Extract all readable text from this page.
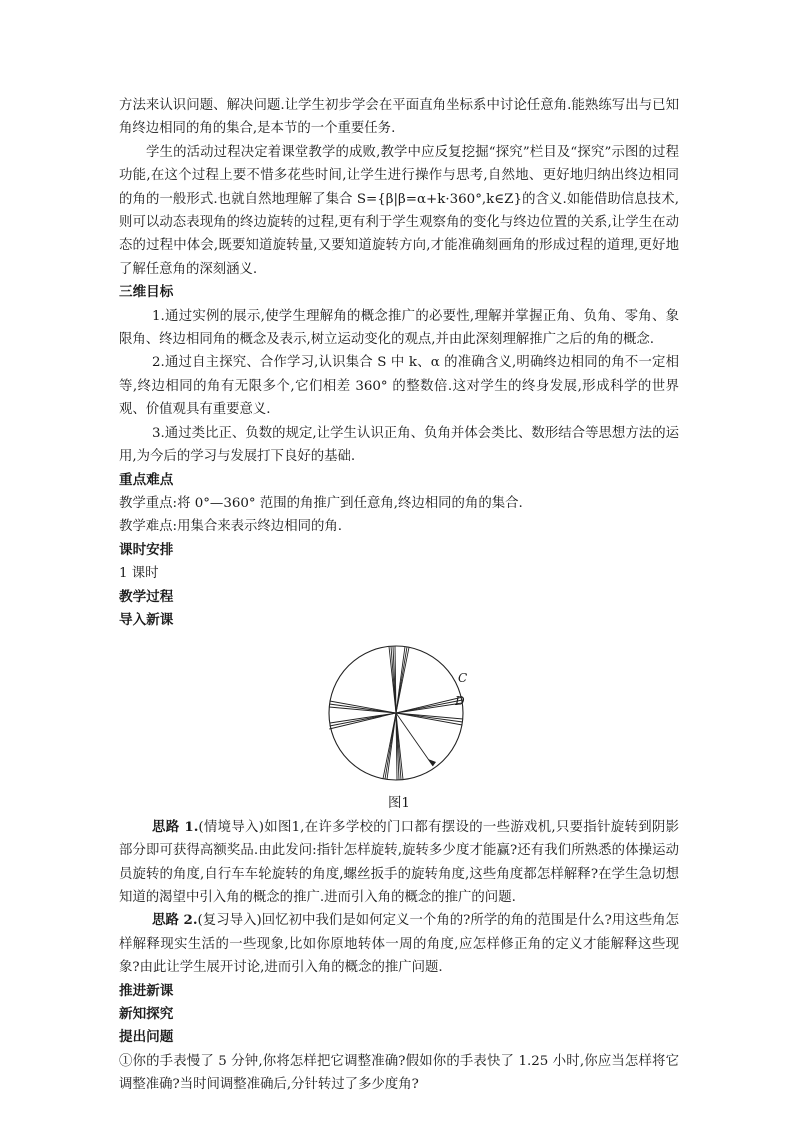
方法来认识问题、解决问题.让学生初步学会在平面直角坐标系中讨论任意角.能熟练写出与已知角终边相同的角的集合,是本节的一个重要任务.

学生的活动过程决定着课堂教学的成败,教学中应反复挖掘“探究”栏目及“探究”示图的过程功能,在这个过程上要不惜多花些时间,让学生进行操作与思考,自然地、更好地归纳出终边相同的角的一般形式.也就自然地理解了集合 S={β|β=α+k·360°,k∈Z}的含义.如能借助信息技术,则可以动态表现角的终边旋转的过程,更有利于学生观察角的变化与终边位置的关系,让学生在动态的过程中体会,既要知道旋转量,又要知道旋转方向,才能准确刻画角的形成过程的道理,更好地了解任意角的深刻涵义.

三维目标

1.通过实例的展示,使学生理解角的概念推广的必要性,理解并掌握正角、负角、零角、象限角、终边相同角的概念及表示,树立运动变化的观点,并由此深刻理解推广之后的角的概念.

2.通过自主探究、合作学习,认识集合 S 中 k、α 的准确含义,明确终边相同的角不一定相等,终边相同的角有无限多个,它们相差 360° 的整数倍.这对学生的终身发展,形成科学的世界观、价值观具有重要意义.

3.通过类比正、负数的规定,让学生认识正角、负角并体会类比、数形结合等思想方法的运用,为今后的学习与发展打下良好的基础.

重点难点

教学重点:将 0°—360° 范围的角推广到任意角,终边相同的角的集合.

教学难点:用集合来表示终边相同的角.

课时安排

1 课时

教学过程
导入新课
C
D

图1

思路 1.(情境导入)如图1,在许多学校的门口都有摆设的一些游戏机,只要指针旋转到阴影部分即可获得高额奖品.由此发问:指针怎样旋转,旋转多少度才能赢?还有我们所熟悉的体操运动员旋转的角度,自行车车轮旋转的角度,螺丝扳手的旋转角度,这些角度都怎样解释?在学生急切想知道的渴望中引入角的概念的推广.进而引入角的概念的推广的问题.

思路 2.(复习导入)回忆初中我们是如何定义一个角的?所学的角的范围是什么?用这些角怎样解释现实生活的一些现象,比如你原地转体一周的角度,应怎样修正角的定义才能解释这些现象?由此让学生展开讨论,进而引入角的概念的推广问题.

推进新课
新知探究
提出问题

①你的手表慢了 5 分钟,你将怎样把它调整准确?假如你的手表快了 1.25 小时,你应当怎样将它调整准确?当时间调整准确后,分针转过了多少度角?
